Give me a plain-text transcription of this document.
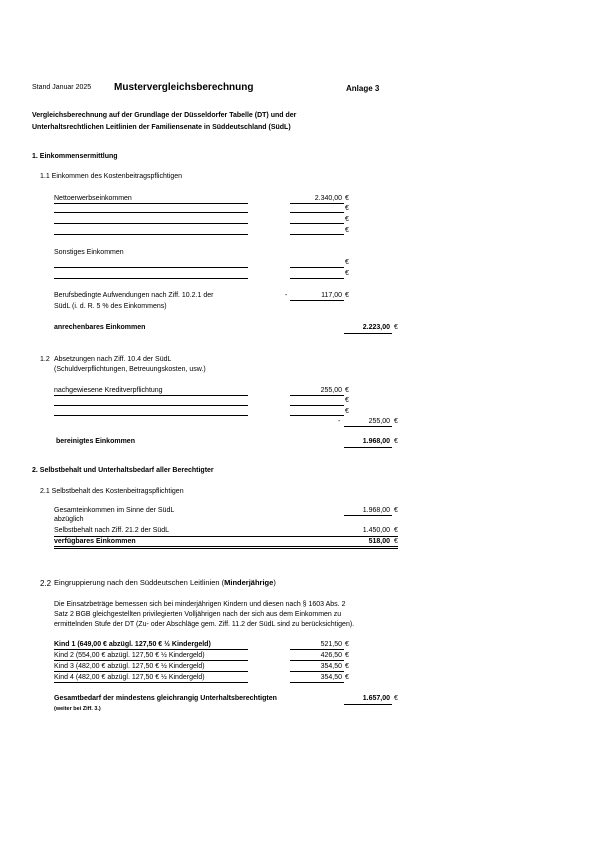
Stand Januar 2025 Mustervergleichsberechnung	Anlage 3
Vergleichsberechnung auf der Grundlage der Düsseldorfer Tabelle (DT) und der
Unterhaltsrechtlichen Leitlinien der Familiensenate in Süddeutschland (SüdL)
1. Einkommensermittlung
1.1 Einkommen des Kostenbeitragspflichtigen
Nettoerwerbseinkommen	2.340,00 €
€
€
€
Sonstiges Einkommen
€
€
Berufsbedingte Aufwendungen nach Ziff. 10.2.1 der
SüdL (i. d. R. 5 % des Einkommens)
-	117,00 €
anrechenbares Einkommen	2.223,00 €
1.2 Absetzungen nach Ziff. 10.4 der SüdL
(Schuldverpflichtungen, Betreuungskosten, usw.)
nachgewiesene Kreditverpflichtung	255,00 €
€
€
-	255,00 €
bereinigtes Einkommen	1.968,00 €
2. Selbstbehalt und Unterhaltsbedarf aller Berechtigter
2.1 Selbstbehalt des Kostenbeitragspflichtigen
Gesamteinkommen im Sinne der SüdL	1.968,00 €
abzüglich
Selbstbehalt nach Ziff. 21.2 der SüdL	1.450,00 €
verfügbares Einkommen	518,00 €
2.2 Eingruppierung nach den Süddeutschen Leitlinien (Minderjährige)
Die Einsatzbeträge bemessen sich bei minderjährigen Kindern und diesen nach § 1603 Abs. 2
Satz 2 BGB gleichgestellten privilegierten Volljährigen nach der sich aus dem Einkommen zu
ermittelnden Stufe der DT (Zu- oder Abschläge gem. Ziff. 11.2 der SüdL sind zu berücksichtigen).
Kind 1 (649,00 € abzügl. 127,50 € ½ Kindergeld)	521,50 €
Kind 2 (554,00 € abzügl. 127,50 € ½ Kindergeld)	426,50 €
Kind 3 (482,00 € abzügl. 127,50 € ½ Kindergeld)	354,50 €
Kind 4 (482,00 € abzügl. 127,50 € ½ Kindergeld)	354,50 €
Gesamtbedarf der mindestens gleichrangig Unterhaltsberechtigten	1.657,00 €
(weiter bei Ziff. 3.)
